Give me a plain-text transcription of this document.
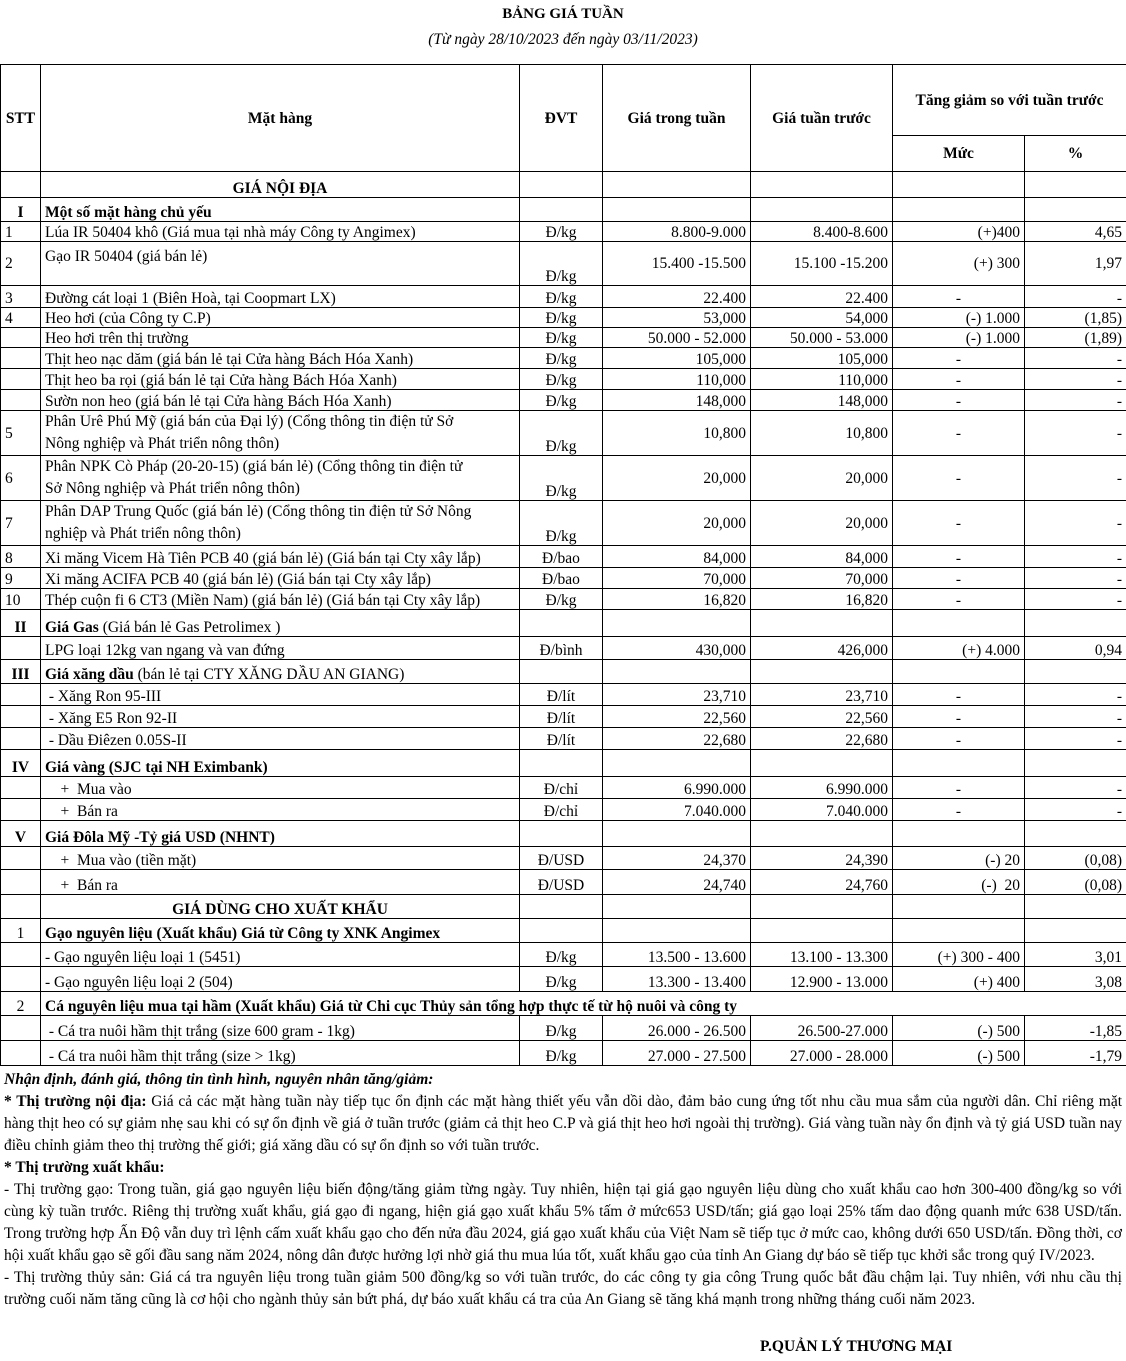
BẢNG GIÁ TUẦN
(Từ ngày 28/10/2023 đến ngày 03/11/2023)
STT	Mặt hàng	ĐVT	Giá trong tuần	Giá tuần trước	Tăng giảm so với tuần trước	
					Mức	%
	GIÁ NỘI ĐỊA					
I	Một số mặt hàng chủ yếu					
1	Lúa IR 50404 khô (Giá mua tại nhà máy Công ty Angimex)	Đ/kg	8.800-9.000	8.400-8.600	(+)400	4,65
2	Gạo IR 50404 (giá bán lẻ)	Đ/kg	15.400 -15.500	15.100 -15.200	(+) 300	1,97
3	Đường cát loại 1 (Biên Hoà, tại Coopmart LX)	Đ/kg	22.400	22.400	-	-
4	Heo hơi (của Công ty C.P)	Đ/kg	53,000	54,000	(-) 1.000	(1,85)
	Heo hơi trên thị trường	Đ/kg	50.000 - 52.000	50.000 - 53.000	(-) 1.000	(1,89)
	Thịt heo nạc dăm (giá bán lẻ tại Cửa hàng Bách Hóa Xanh)	Đ/kg	105,000	105,000	-	-
	Thịt heo ba rọi (giá bán lẻ tại Cửa hàng Bách Hóa Xanh)	Đ/kg	110,000	110,000	-	-
	Sườn non heo (giá bán lẻ tại Cửa hàng Bách Hóa Xanh)	Đ/kg	148,000	148,000	-	-
5	Phân Urê Phú Mỹ (giá bán của Đại lý) (Cổng thông tin điện tử Sở
Nông nghiệp và Phát triển nông thôn)	Đ/kg	10,800	10,800	-	-
6	Phân NPK Cò Pháp (20-20-15) (giá bán lẻ) (Cổng thông tin điện tử
Sở Nông nghiệp và Phát triển nông thôn)	Đ/kg	20,000	20,000	-	-
7	Phân DAP Trung Quốc (giá bán lẻ) (Cổng thông tin điện tử Sở Nông
nghiệp và Phát triển nông thôn)	Đ/kg	20,000	20,000	-	-
8	Xi măng Vicem Hà Tiên PCB 40 (giá bán lẻ) (Giá bán tại Cty xây lắp)	Đ/bao	84,000	84,000	-	-
9	Xi măng ACIFA PCB 40 (giá bán lẻ) (Giá bán tại Cty xây lắp)	Đ/bao	70,000	70,000	-	-
10	Thép cuộn fi 6 CT3 (Miền Nam) (giá bán lẻ) (Giá bán tại Cty xây lắp)	Đ/kg	16,820	16,820	-	-
II	Giá Gas (Giá bán lẻ Gas Petrolimex )					
	LPG loại 12kg van ngang và van đứng	Đ/bình	430,000	426,000	(+) 4.000	0,94
III	Giá xăng dầu (bán lẻ tại CTY XĂNG DẦU AN GIANG)					
	- Xăng Ron 95-III	Đ/lít	23,710	23,710	-	-
	- Xăng E5 Ron 92-II	Đ/lít	22,560	22,560	-	-
	- Dầu Điêzen 0.05S-II	Đ/lít	22,680	22,680	-	-
IV	Giá vàng (SJC tại NH Eximbank)					
	+  Mua vào	Đ/chỉ	6.990.000	6.990.000	-	-
	+  Bán ra	Đ/chỉ	7.040.000	7.040.000	-	-
V	Giá Đôla Mỹ -Tỷ giá USD (NHNT)					
	+  Mua vào (tiền mặt)	Đ/USD	24,370	24,390	(-) 20	(0,08)
	+  Bán ra	Đ/USD	24,740	24,760	(-)  20	(0,08)
	GIÁ DÙNG CHO XUẤT KHẨU					
1	Gạo nguyên liệu (Xuất khẩu) Giá từ Công ty XNK Angimex					
	- Gạo nguyên liệu loại 1 (5451)	Đ/kg	13.500 - 13.600	13.100 - 13.300	(+) 300 - 400	3,01
	- Gạo nguyên liệu loại 2 (504)	Đ/kg	13.300 - 13.400	12.900 - 13.000	(+) 400	3,08
2	Cá nguyên liệu mua tại hầm (Xuất khẩu) Giá từ Chi cục Thủy sản tổng hợp thực tế từ hộ nuôi và công ty					
	- Cá tra nuôi hầm thịt trắng (size 600 gram - 1kg)	Đ/kg	26.000 - 26.500	26.500-27.000	(-) 500	-1,85
	- Cá tra nuôi hầm thịt trắng (size > 1kg)	Đ/kg	27.000 - 27.500	27.000 - 28.000	(-) 500	-1,79

Nhận định, đánh giá, thông tin tình hình, nguyên nhân tăng/giảm:

* Thị trường nội địa: Giá cả các mặt hàng tuần này tiếp tục ổn định các mặt hàng thiết yếu vẫn dồi dào, đảm bảo cung ứng tốt nhu cầu mua sắm của người dân. Chỉ riêng mặt hàng thịt heo có sự giảm nhẹ sau khi có sự ổn định về giá ở tuần trước (giảm cả thịt heo C.P và giá thịt heo hơi ngoài thị trường). Giá vàng tuần này ổn định và tỷ giá USD tuần nay điều chỉnh giảm theo thị trường thế giới; giá xăng dầu có sự ổn định so với tuần trước.

* Thị trường xuất khẩu:

- Thị trường gạo: Trong tuần, giá gạo nguyên liệu biến động/tăng giảm từng ngày. Tuy nhiên, hiện tại giá gạo nguyên liệu dùng cho xuất khẩu cao hơn 300-400 đồng/kg so với cùng kỳ tuần trước. Riêng thị trường xuất khẩu, giá gạo đi ngang, hiện giá gạo xuất khẩu 5% tấm ở mức653 USD/tấn; giá gạo loại 25% tấm dao động quanh mức 638 USD/tấn. Trong trường hợp Ấn Độ vẫn duy trì lệnh cấm xuất khẩu gạo cho đến nửa đầu 2024, giá gạo xuất khẩu của Việt Nam sẽ tiếp tục ở mức cao, không dưới 650 USD/tấn. Đồng thời, cơ hội xuất khẩu gạo sẽ gối đầu sang năm 2024, nông dân được hưởng lợi nhờ giá thu mua lúa tốt, xuất khẩu gạo của tỉnh An Giang dự báo sẽ tiếp tục khởi sắc trong quý IV/2023.

- Thị trường thủy sản: Giá cá tra nguyên liệu trong tuần giảm 500 đồng/kg so với tuần trước, do các công ty gia công Trung quốc bắt đầu chậm lại. Tuy nhiên, với nhu cầu thị trường cuối năm tăng cũng là cơ hội cho ngành thủy sản bứt phá, dự báo xuất khẩu cá tra của An Giang sẽ tăng khá mạnh trong những tháng cuối năm 2023.

P.QUẢN LÝ THƯƠNG MẠI
